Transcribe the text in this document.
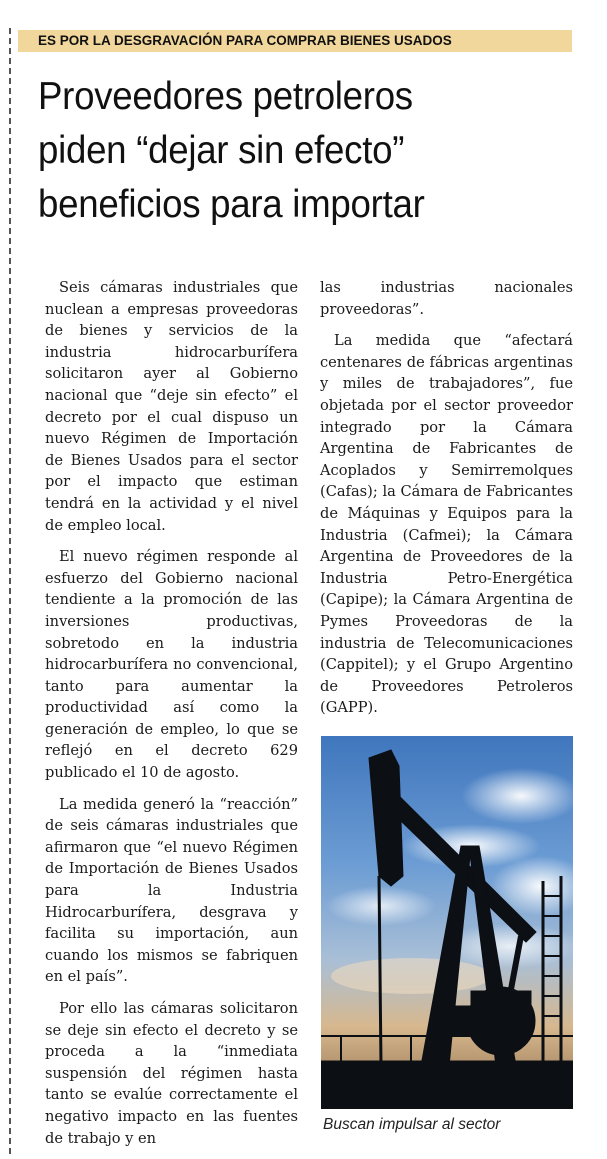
ES POR LA DESGRAVACIÓN PARA COMPRAR BIENES USADOS
Proveedores petroleros
piden “dejar sin efecto”
beneficios para importar

Seis cámaras industriales que nuclean a empresas proveedoras de bienes y servicios de la industria hidrocarburífera solicitaron ayer al Gobierno nacional que “deje sin efecto” el decreto por el cual dispuso un nuevo Régimen de Importación de Bienes Usados para el sector por el impacto que estiman tendrá en la actividad y el nivel de empleo local.

El nuevo régimen responde al esfuerzo del Gobierno nacional tendiente a la promoción de las inversiones productivas, sobretodo en la industria hidrocarburífera no convencional, tanto para aumentar la productividad así como la generación de empleo, lo que se reflejó en el decreto 629 publicado el 10 de agosto.

La medida generó la “reacción” de seis cámaras industriales que afirmaron que “el nuevo Régimen de Importación de Bienes Usados para la Industria Hidrocarburífera, desgrava y facilita su importación, aun cuando los mismos se fabriquen en el país”.

Por ello las cámaras solicitaron se deje sin efecto el decreto y se proceda a la “inmediata suspensión del régimen hasta tanto se evalúe correctamente el negativo impacto en las fuentes de trabajo y en

las industrias nacionales proveedoras”.

La medida que “afectará centenares de fábricas argentinas y miles de trabajadores”, fue objetada por el sector proveedor integrado por la Cámara Argentina de Fabricantes de Acoplados y Semirremolques (Cafas); la Cámara de Fabricantes de Máquinas y Equipos para la Industria (Cafmei); la Cámara Argentina de Proveedores de la Industria Petro-Energética (Capipe); la Cámara Argentina de Pymes Proveedoras de la industria de Telecomunicaciones (Cappitel); y el Grupo Argentino de Proveedores Petroleros (GAPP).

Buscan impulsar al sector
